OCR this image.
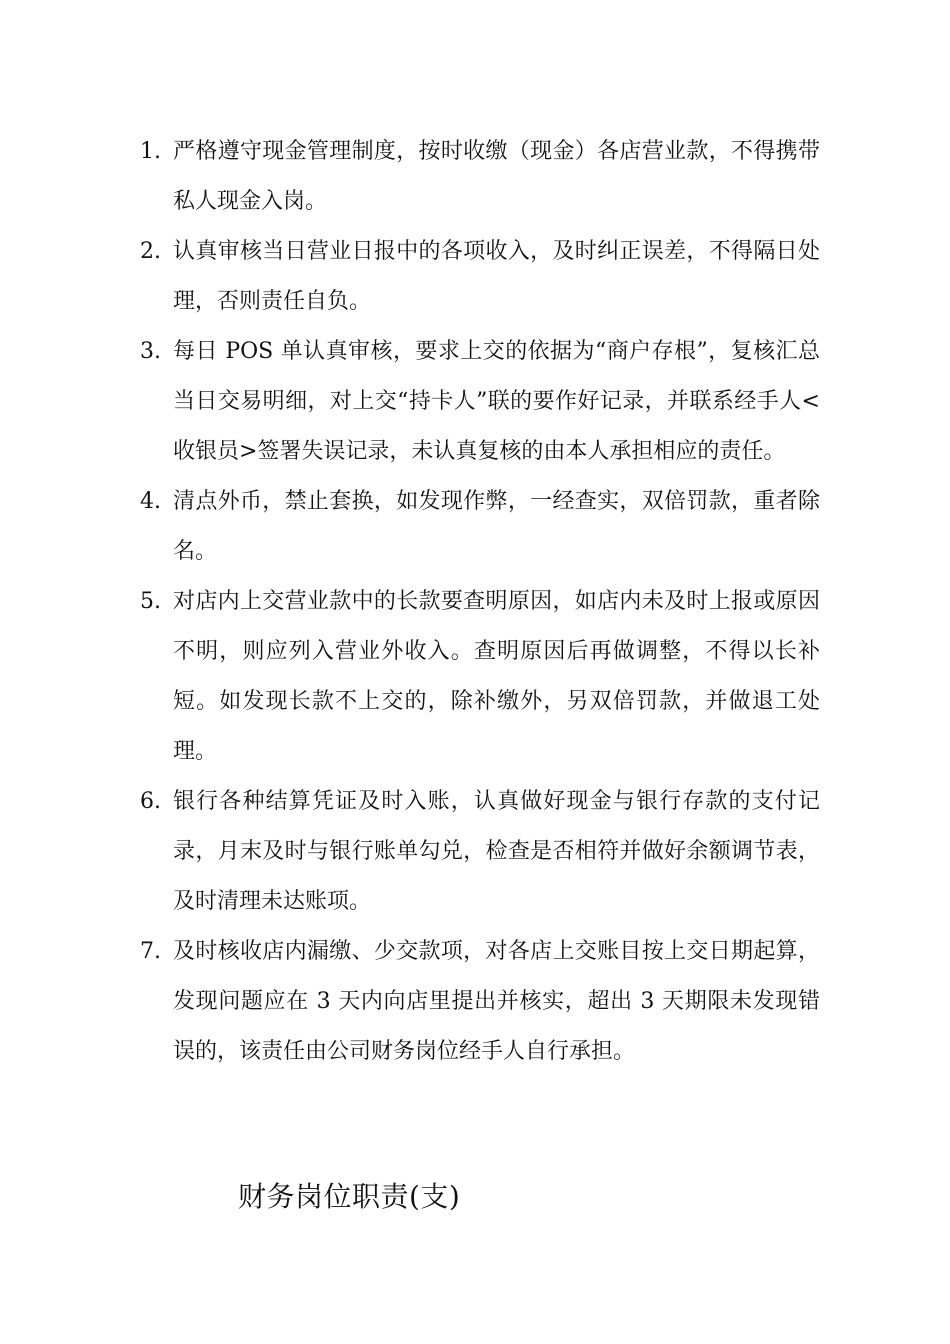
1. 严格遵守现金管理制度，按时收缴（现金）各店营业款，不得携带私人现金入岗。
2. 认真审核当日营业日报中的各项收入，及时纠正误差，不得隔日处理，否则责任自负。
3. 每日 POS 单认真审核，要求上交的依据为“商户存根”，复核汇总当日交易明细，对上交“持卡人”联的要作好记录，并联系经手人<收银员>签署失误记录，未认真复核的由本人承担相应的责任。
4. 清点外币，禁止套换，如发现作弊，一经查实，双倍罚款，重者除名。
5. 对店内上交营业款中的长款要查明原因，如店内未及时上报或原因不明，则应列入营业外收入。查明原因后再做调整，不得以长补短。如发现长款不上交的，除补缴外，另双倍罚款，并做退工处理。
6. 银行各种结算凭证及时入账，认真做好现金与银行存款的支付记录，月末及时与银行账单勾兑，检查是否相符并做好余额调节表，及时清理未达账项。
7. 及时核收店内漏缴、少交款项，对各店上交账目按上交日期起算，发现问题应在 3 天内向店里提出并核实，超出 3 天期限未发现错误的，该责任由公司财务岗位经手人自行承担。
财务岗位职责(支)
